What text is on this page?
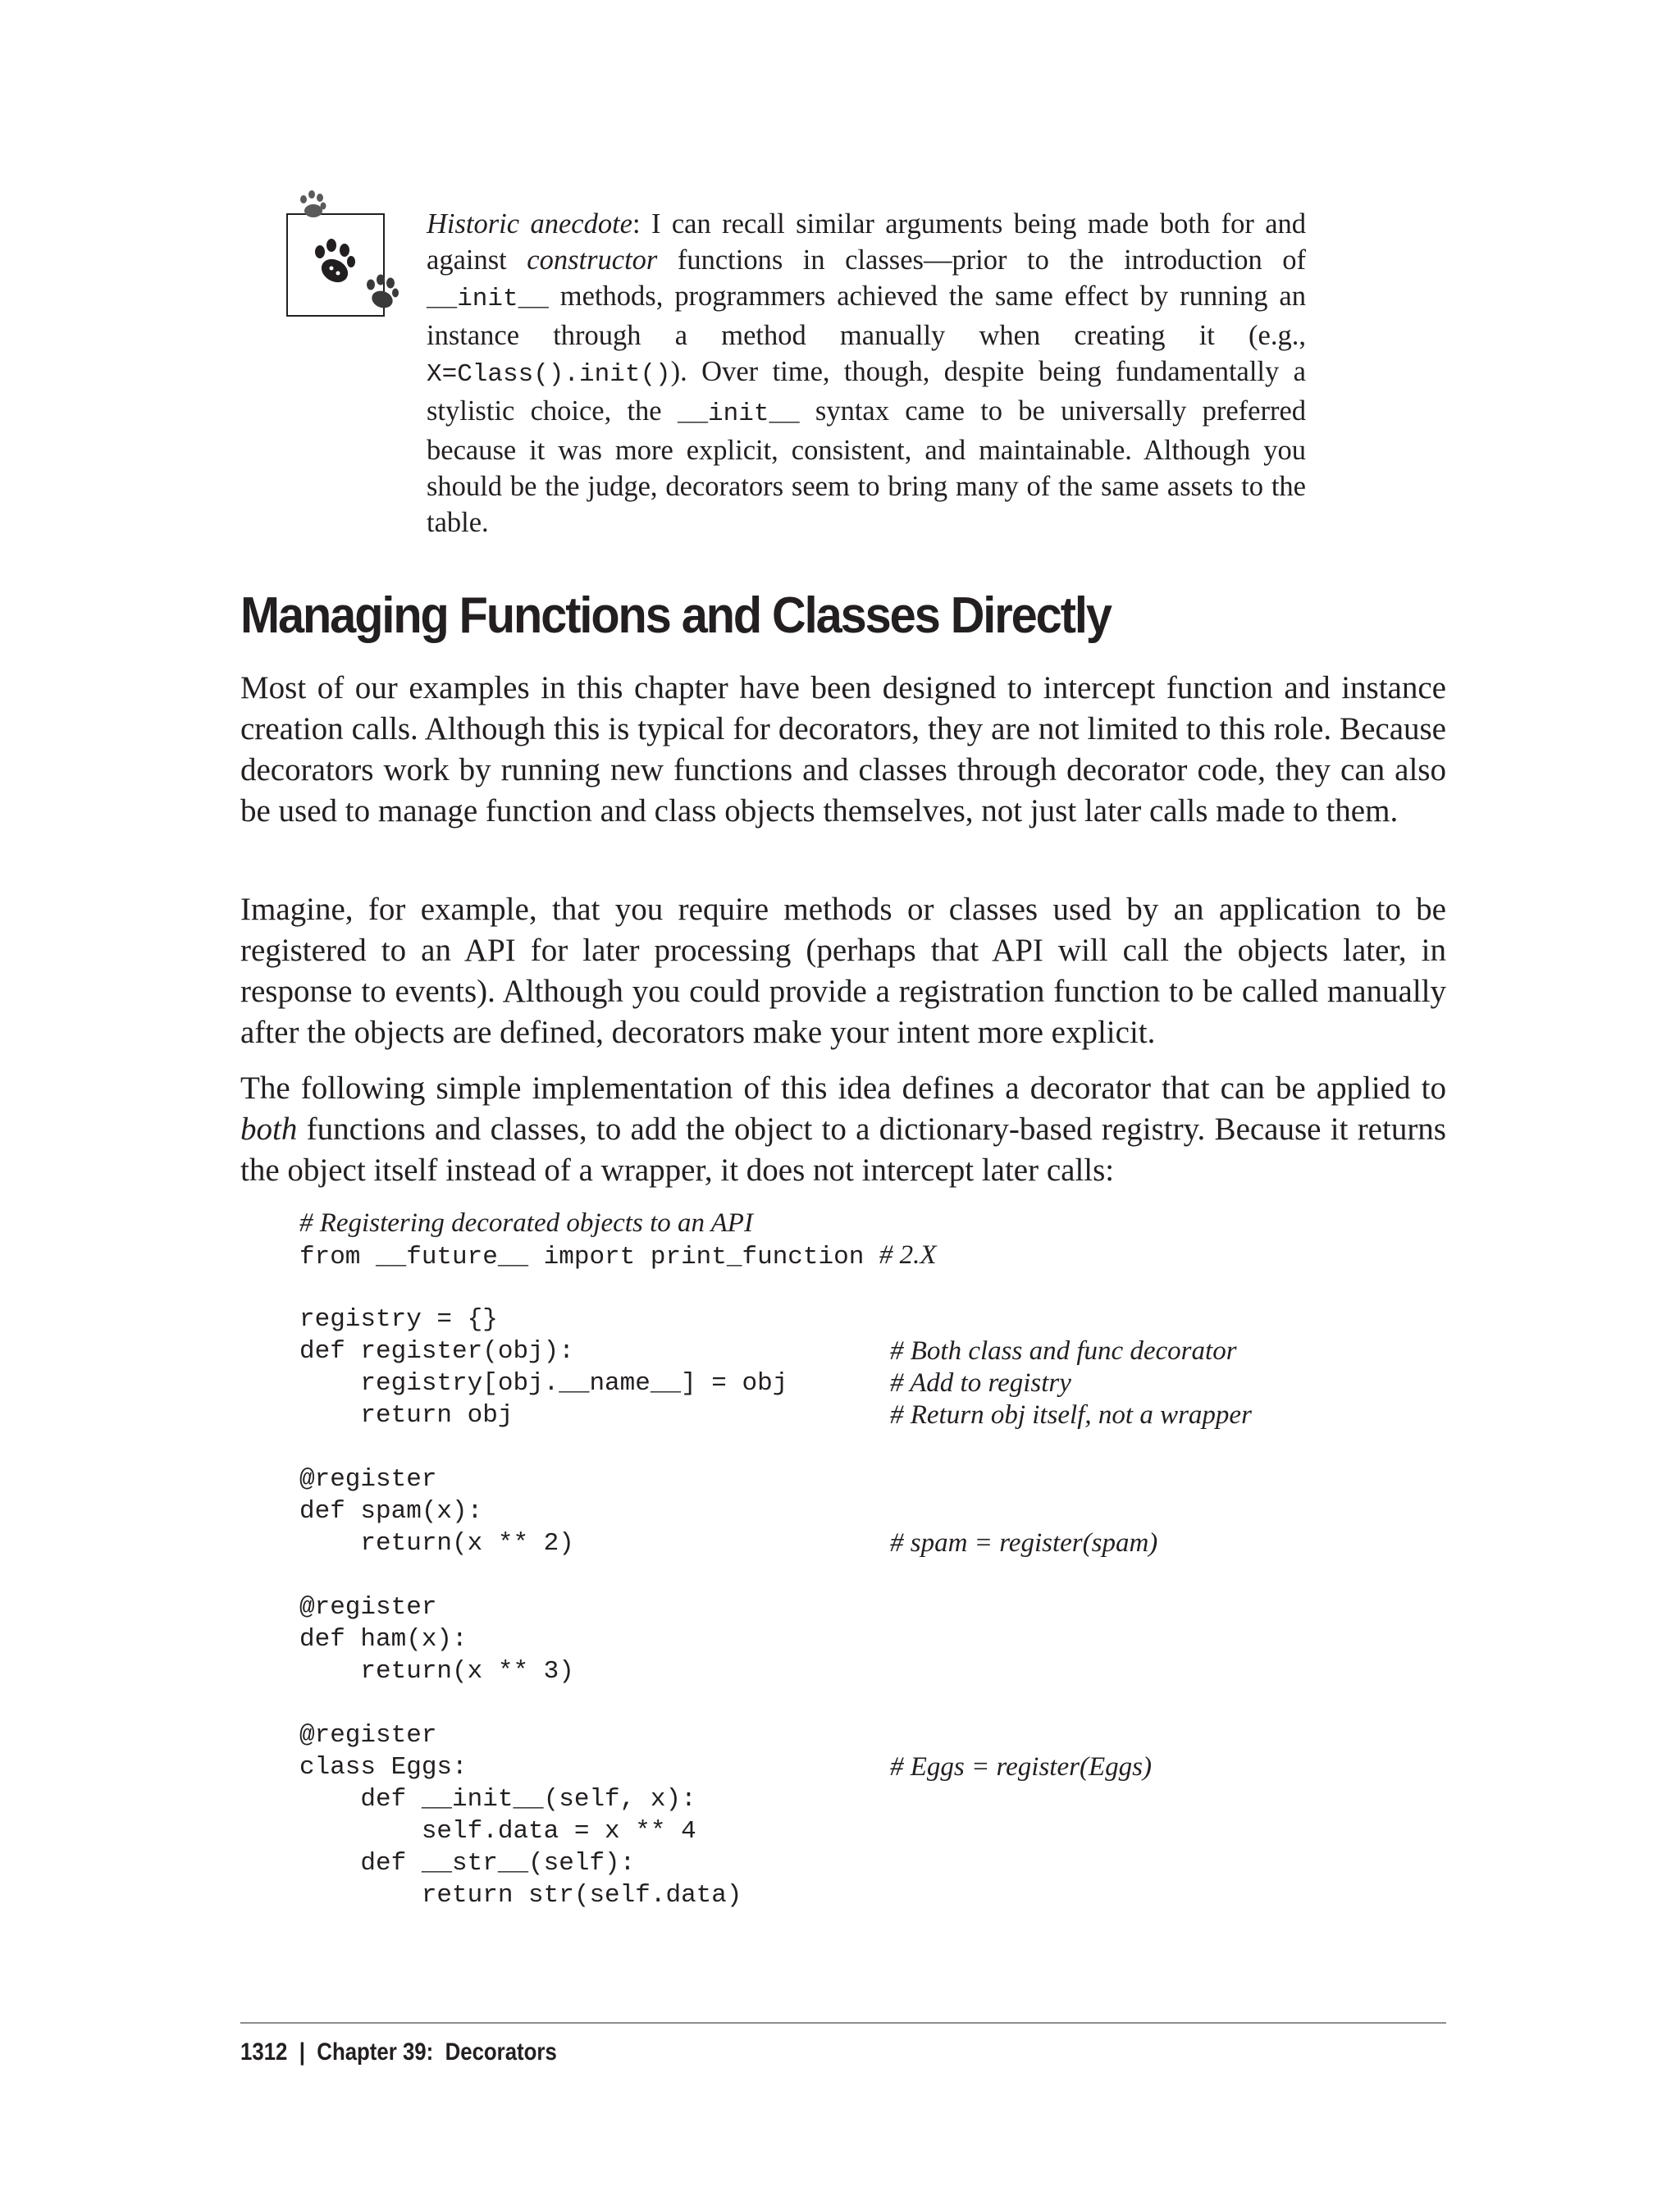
Historic anecdote: I can recall similar arguments being made both for and against constructor functions in classes—prior to the introduction of __init__ methods, programmers achieved the same effect by running an instance through a method manually when creating it (e.g., X=Class().init()). Over time, though, despite being fundamentally a stylistic choice, the __init__ syntax came to be universally preferred because it was more explicit, consistent, and maintainable. Although you should be the judge, decorators seem to bring many of the same assets to the table.
Managing Functions and Classes Directly
Most of our examples in this chapter have been designed to intercept function and instance creation calls. Although this is typical for decorators, they are not limited to this role. Because decorators work by running new functions and classes through decorator code, they can also be used to manage function and class objects themselves, not just later calls made to them.
Imagine, for example, that you require methods or classes used by an application to be registered to an API for later processing (perhaps that API will call the objects later, in response to events). Although you could provide a registration function to be called manually after the objects are defined, decorators make your intent more explicit.
The following simple implementation of this idea defines a decorator that can be applied to both functions and classes, to add the object to a dictionary-based registry. Because it returns the object itself instead of a wrapper, it does not intercept later calls:
# Registering decorated objects to an API
from __future__ import print_function # 2.X
registry = {}
def register(obj):	# Both class and func decorator
registry[obj.__name__] = obj	# Add to registry
return obj	# Return obj itself, not a wrapper
@register
def spam(x):
return(x ** 2)	# spam = register(spam)
@register
def ham(x):
return(x ** 3)
@register
class Eggs:	# Eggs = register(Eggs)
def __init__(self, x):
self.data = x ** 4
def __str__(self):
return str(self.data)
1312 | Chapter 39:  Decorators
